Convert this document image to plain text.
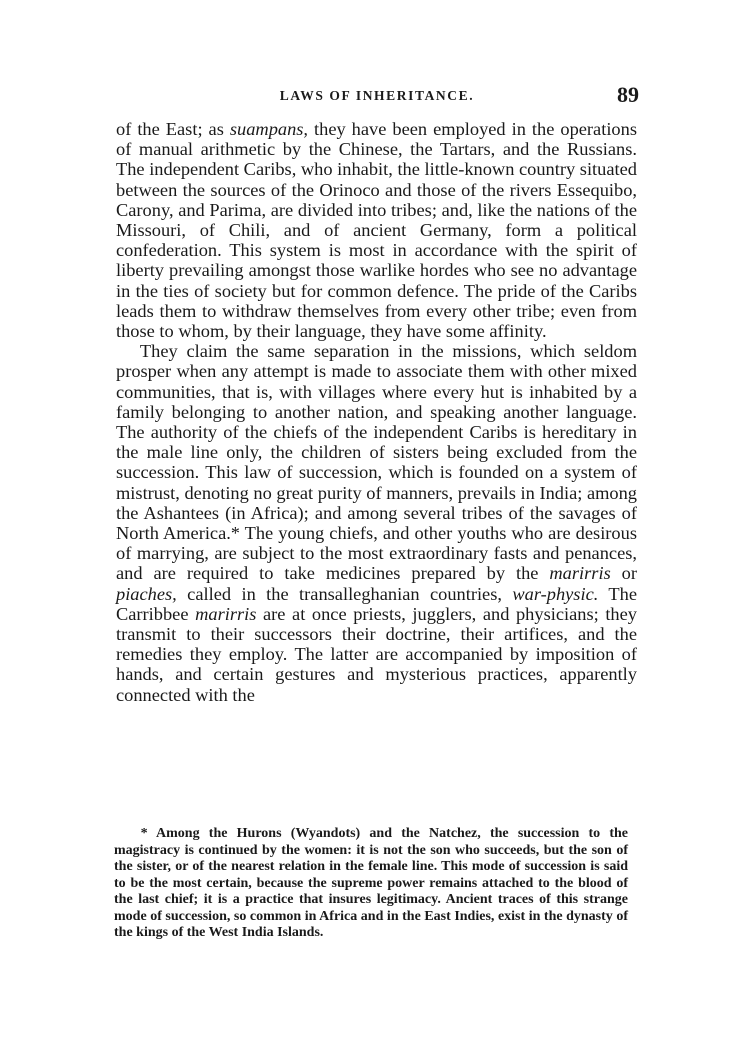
LAWS OF INHERITANCE.	89

of the East; as suampans, they have been employed in the operations of manual arithmetic by the Chinese, the Tartars, and the Russians. The independent Caribs, who inhabit, the little-known country situated between the sources of the Orinoco and those of the rivers Essequibo, Carony, and Parima, are divided into tribes; and, like the nations of the Missouri, of Chili, and of ancient Germany, form a political confederation. This system is most in accordance with the spirit of liberty prevailing amongst those warlike hordes who see no advantage in the ties of society but for common defence. The pride of the Caribs leads them to withdraw themselves from every other tribe; even from those to whom, by their language, they have some affinity.

They claim the same separation in the missions, which seldom prosper when any attempt is made to associate them with other mixed communities, that is, with villages where every hut is inhabited by a family belonging to another nation, and speaking another language. The authority of the chiefs of the independent Caribs is hereditary in the male line only, the children of sisters being excluded from the succession. This law of succession, which is founded on a system of mistrust, denoting no great purity of manners, prevails in India; among the Ashantees (in Africa); and among several tribes of the savages of North America.* The young chiefs, and other youths who are desirous of marrying, are subject to the most extraordinary fasts and penances, and are required to take medicines prepared by the marirris or piaches, called in the transalleghanian countries, war-physic. The Carribbee marirris are at once priests, jugglers, and physicians; they transmit to their successors their doctrine, their artifices, and the remedies they employ. The latter are accompanied by imposition of hands, and certain gestures and mysterious practices, apparently connected with the

* Among the Hurons (Wyandots) and the Natchez, the succession to the magistracy is continued by the women: it is not the son who succeeds, but the son of the sister, or of the nearest relation in the female line. This mode of succession is said to be the most certain, because the supreme power remains attached to the blood of the last chief; it is a practice that insures legitimacy. Ancient traces of this strange mode of succession, so common in Africa and in the East Indies, exist in the dynasty of the kings of the West India Islands.
